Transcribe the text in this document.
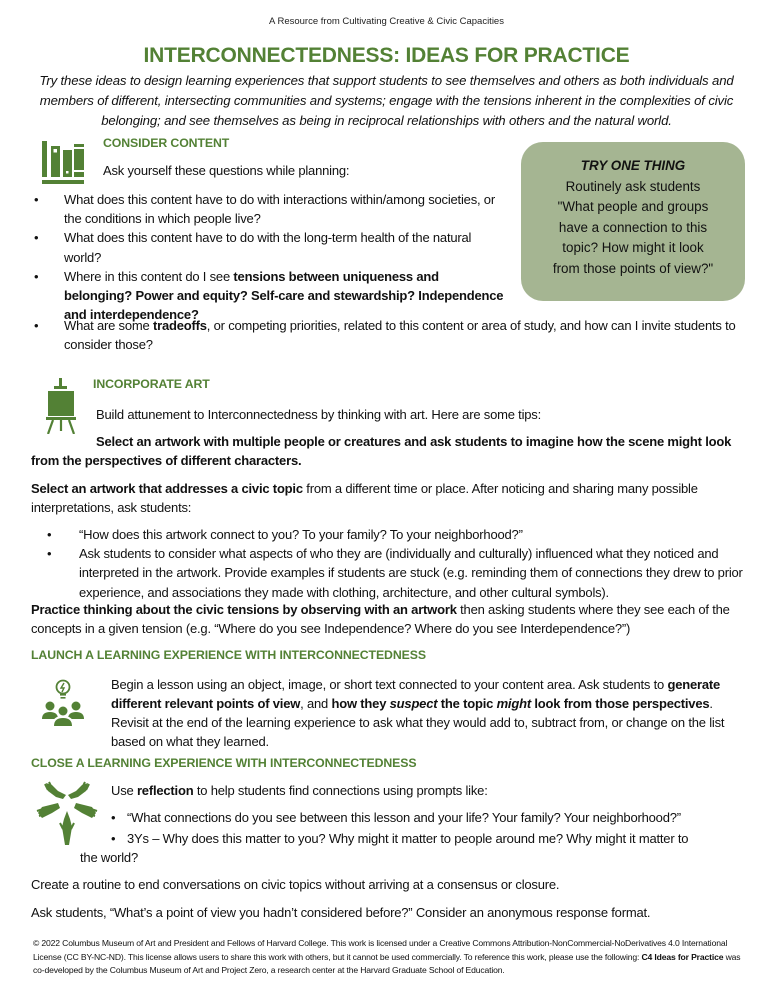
A Resource from Cultivating Creative & Civic Capacities
INTERCONNECTEDNESS: IDEAS FOR PRACTICE

Try these ideas to design learning experiences that support students to see themselves and others as both individuals and members of different, intersecting communities and systems; engage with the tensions inherent in the complexities of civic belonging; and see themselves as being in reciprocal relationships with others and the natural world.

CONSIDER CONTENT
Ask yourself these questions while planning:
• What does this content have to do with interactions within/among societies, or the conditions in which people live?
• What does this content have to do with the long-term health of the natural world?
• Where in this content do I see tensions between uniqueness and belonging? Power and equity? Self-care and stewardship? Independence and interdependence?
• What are some tradeoffs, or competing priorities, related to this content or area of study, and how can I invite students to consider those?
TRY ONE THING
Routinely ask students
"What people and groups
have a connection to this
topic? How might it look
from those points of view?"
INCORPORATE ART
Build attunement to Interconnectedness by thinking with art. Here are some tips:
Select an artwork with multiple people or creatures and ask students to imagine how the scene might look from the perspectives of different characters.
Select an artwork that addresses a civic topic from a different time or place. After noticing and sharing many possible interpretations, ask students:
• “How does this artwork connect to you? To your family? To your neighborhood?”
• Ask students to consider what aspects of who they are (individually and culturally) influenced what they noticed and interpreted in the artwork. Provide examples if students are stuck (e.g. reminding them of connections they drew to prior experience, and associations they made with clothing, architecture, and other cultural symbols).
Practice thinking about the civic tensions by observing with an artwork then asking students where they see each of the concepts in a given tension (e.g. “Where do you see Independence? Where do you see Interdependence?”)
LAUNCH A LEARNING EXPERIENCE WITH INTERCONNECTEDNESS
Begin a lesson using an object, image, or short text connected to your content area. Ask students to generate different relevant points of view, and how they suspect the topic might look from those perspectives. Revisit at the end of the learning experience to ask what they would add to, subtract from, or change on the list based on what they learned.
CLOSE A LEARNING EXPERIENCE WITH INTERCONNECTEDNESS
Use reflection to help students find connections using prompts like:
• “What connections do you see between this lesson and your life? Your family? Your neighborhood?”
• 3Ys – Why does this matter to you? Why might it matter to people around me? Why might it matter to
the world?
Create a routine to end conversations on civic topics without arriving at a consensus or closure.
Ask students, “What’s a point of view you hadn’t considered before?” Consider an anonymous response format.
© 2022 Columbus Museum of Art and President and Fellows of Harvard College. This work is licensed under a Creative Commons Attribution-NonCommercial-NoDerivatives 4.0 International License (CC BY-NC-ND). This license allows users to share this work with others, but it cannot be used commercially. To reference this work, please use the following: C4 Ideas for Practice was co-developed by the Columbus Museum of Art and Project Zero, a research center at the Harvard Graduate School of Education.
